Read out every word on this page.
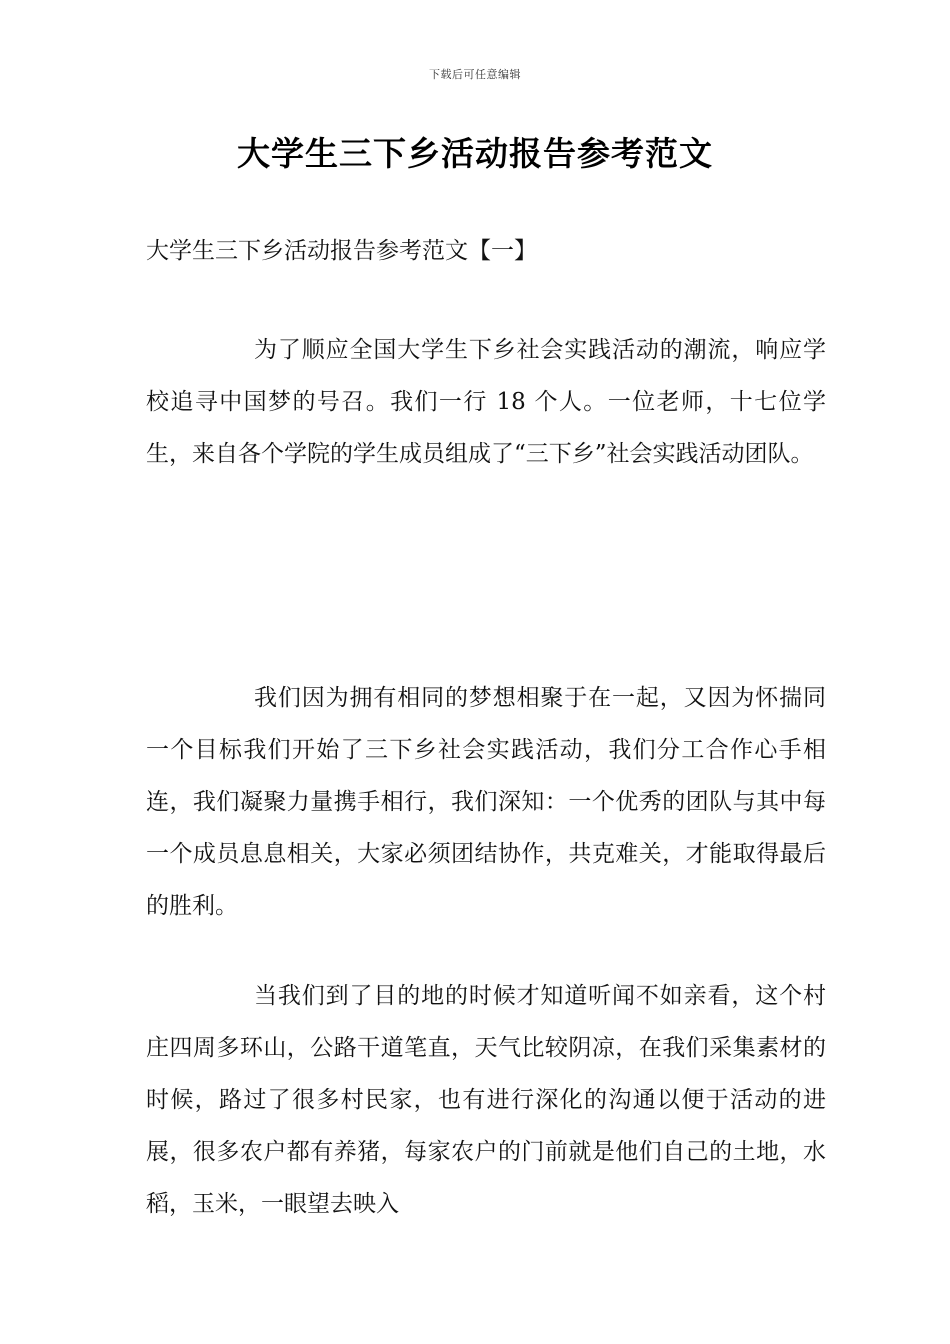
下载后可任意编辑
大学生三下乡活动报告参考范文
大学生三下乡活动报告参考范文【一】

为了顺应全国大学生下乡社会实践活动的潮流，响应学校追寻中国梦的号召。我们一行 18 个人。一位老师，十七位学生，来自各个学院的学生成员组成了“三下乡”社会实践活动团队。

我们因为拥有相同的梦想相聚于在一起，又因为怀揣同一个目标我们开始了三下乡社会实践活动，我们分工合作心手相连，我们凝聚力量携手相行，我们深知：一个优秀的团队与其中每一个成员息息相关，大家必须团结协作，共克难关，才能取得最后的胜利。

当我们到了目的地的时候才知道听闻不如亲看，这个村庄四周多环山，公路干道笔直，天气比较阴凉，在我们采集素材的时候，路过了很多村民家，也有进行深化的沟通以便于活动的进展，很多农户都有养猪，每家农户的门前就是他们自己的土地，水稻，玉米，一眼望去映入
